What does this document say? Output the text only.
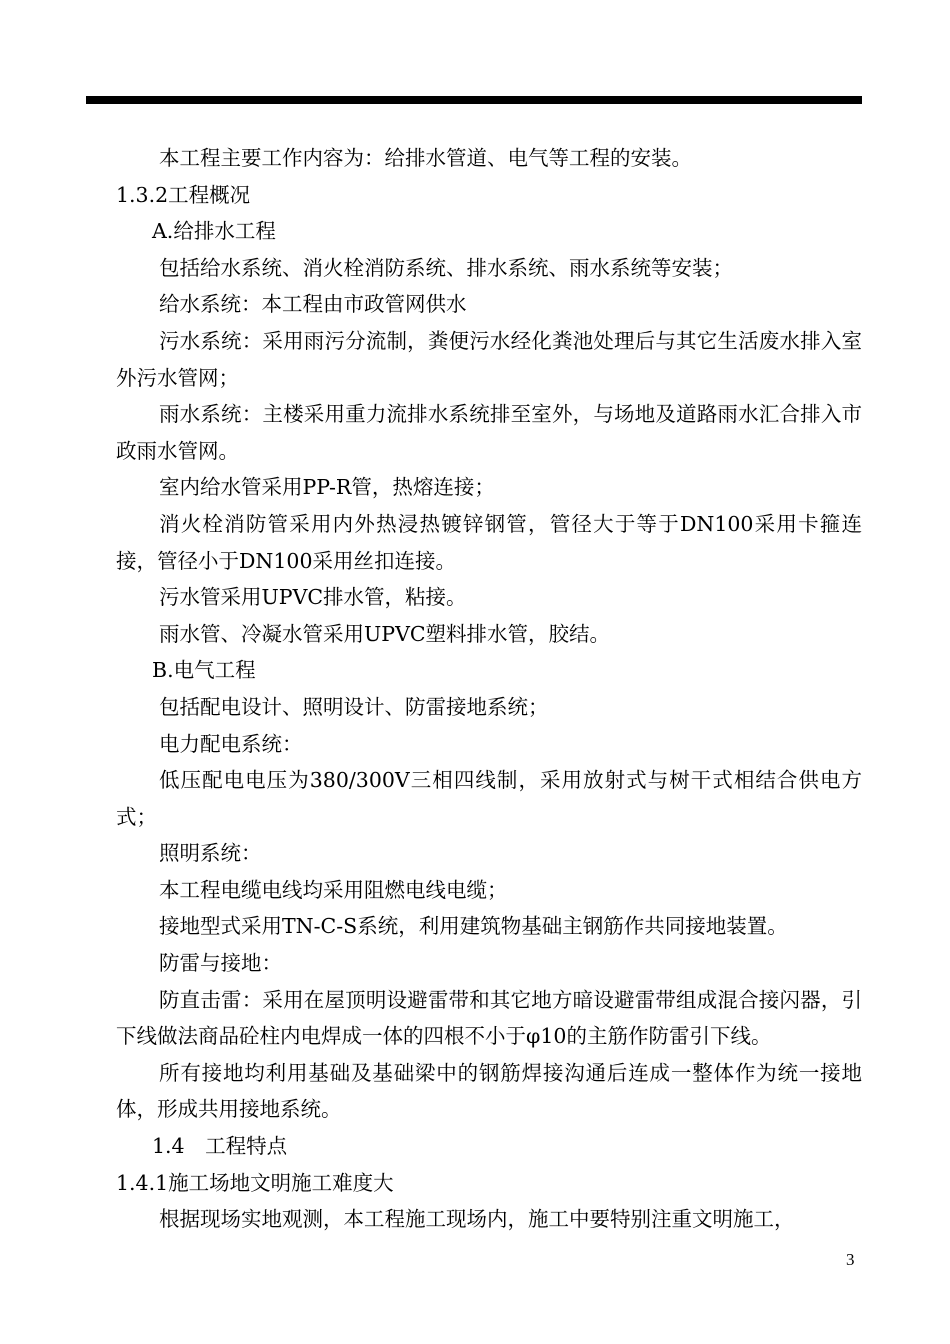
本工程主要工作内容为：给排水管道、电气等工程的安装。

1.3.2工程概况

A.给排水工程

包括给水系统、消火栓消防系统、排水系统、雨水系统等安装；

给水系统：本工程由市政管网供水

污水系统：采用雨污分流制，粪便污水经化粪池处理后与其它生活废水排入室外污水管网；

雨水系统：主楼采用重力流排水系统排至室外，与场地及道路雨水汇合排入市政雨水管网。

室内给水管采用PP-R管，热熔连接；

消火栓消防管采用内外热浸热镀锌钢管，管径大于等于DN100采用卡箍连接，管径小于DN100采用丝扣连接。

污水管采用UPVC排水管，粘接。

雨水管、冷凝水管采用UPVC塑料排水管，胶结。

B.电气工程

包括配电设计、照明设计、防雷接地系统；

电力配电系统：

低压配电电压为380/300V三相四线制，采用放射式与树干式相结合供电方式；

照明系统：

本工程电缆电线均采用阻燃电线电缆；

接地型式采用TN-C-S系统，利用建筑物基础主钢筋作共同接地装置。

防雷与接地：

防直击雷：采用在屋顶明设避雷带和其它地方暗设避雷带组成混合接闪器，引下线做法商品砼柱内电焊成一体的四根不小于φ10的主筋作防雷引下线。

所有接地均利用基础及基础梁中的钢筋焊接沟通后连成一整体作为统一接地体，形成共用接地系统。

1.4　工程特点

1.4.1施工场地文明施工难度大

根据现场实地观测，本工程施工现场内，施工中要特别注重文明施工，

3
